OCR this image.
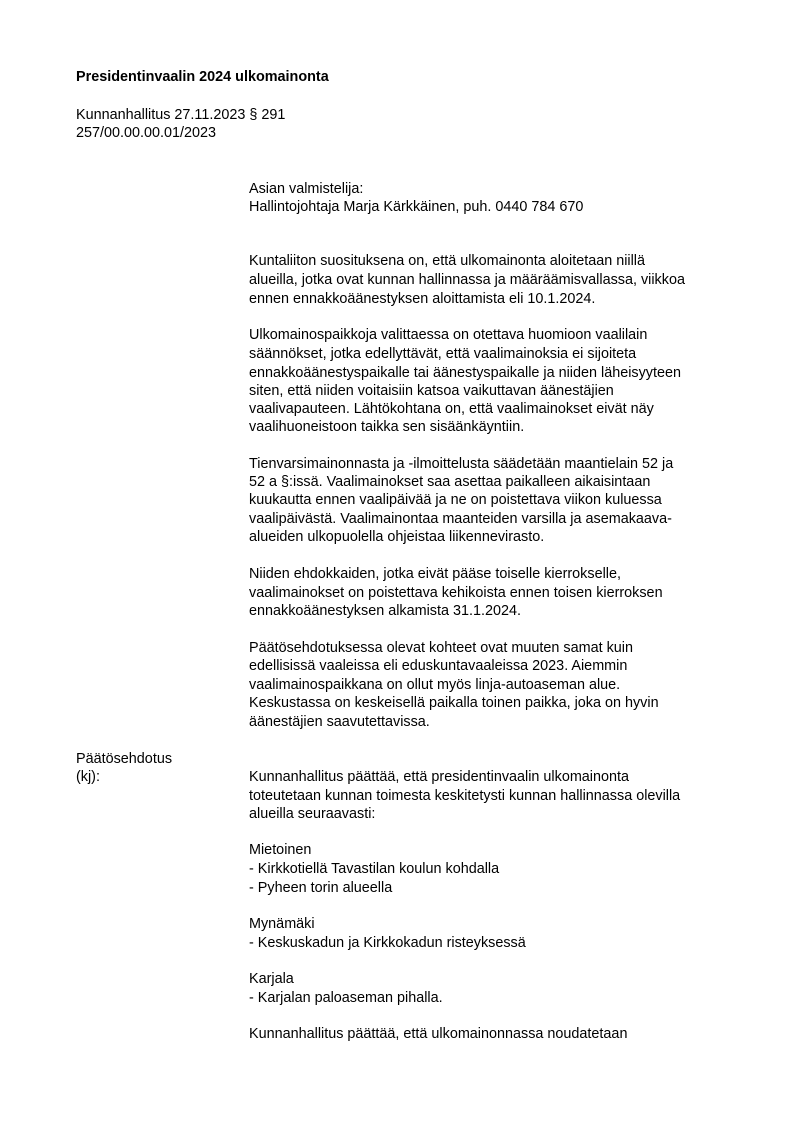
Presidentinvaalin 2024 ulkomainonta
Kunnanhallitus 27.11.2023 § 291
257/00.00.00.01/2023
Asian valmistelija:
Hallintojohtaja Marja Kärkkäinen, puh. 0440 784 670
Kuntaliiton suosituksena on, että ulkomainonta aloitetaan niillä
alueilla, jotka ovat kunnan hallinnassa ja määräämisvallassa, viikkoa
ennen ennakkoäänestyksen aloittamista eli 10.1.2024.
Ulkomainospaikkoja valittaessa on otettava huomioon vaalilain
säännökset, jotka edellyttävät, että vaalimainoksia ei sijoiteta
ennakkoäänestyspaikalle tai äänestyspaikalle ja niiden läheisyyteen
siten, että niiden voitaisiin katsoa vaikuttavan äänestäjien
vaalivapauteen. Lähtökohtana on, että vaalimainokset eivät näy
vaalihuoneistoon taikka sen sisäänkäyntiin.
Tienvarsimainonnasta ja -ilmoittelusta säädetään maantielain 52 ja
52 a §:issä. Vaalimainokset saa asettaa paikalleen aikaisintaan
kuukautta ennen vaalipäivää ja ne on poistettava viikon kuluessa
vaalipäivästä. Vaalimainontaa maanteiden varsilla ja asemakaava-
alueiden ulkopuolella ohjeistaa liikennevirasto.
Niiden ehdokkaiden, jotka eivät pääse toiselle kierrokselle,
vaalimainokset on poistettava kehikoista ennen toisen kierroksen
ennakkoäänestyksen alkamista 31.1.2024.
Päätösehdotuksessa olevat kohteet ovat muuten samat kuin
edellisissä vaaleissa eli eduskuntavaaleissa 2023. Aiemmin
vaalimainospaikkana on ollut myös linja-autoaseman alue.
Keskustassa on keskeisellä paikalla toinen paikka, joka on hyvin
äänestäjien saavutettavissa.
Päätösehdotus
(kj):	Kunnanhallitus päättää, että presidentinvaalin ulkomainonta
toteutetaan kunnan toimesta keskitetysti kunnan hallinnassa olevilla
alueilla seuraavasti:
Mietoinen
- Kirkkotiellä Tavastilan koulun kohdalla
- Pyheen torin alueella
Mynämäki
- Keskuskadun ja Kirkkokadun risteyksessä
Karjala
- Karjalan paloaseman pihalla.
Kunnanhallitus päättää, että ulkomainonnassa noudatetaan
